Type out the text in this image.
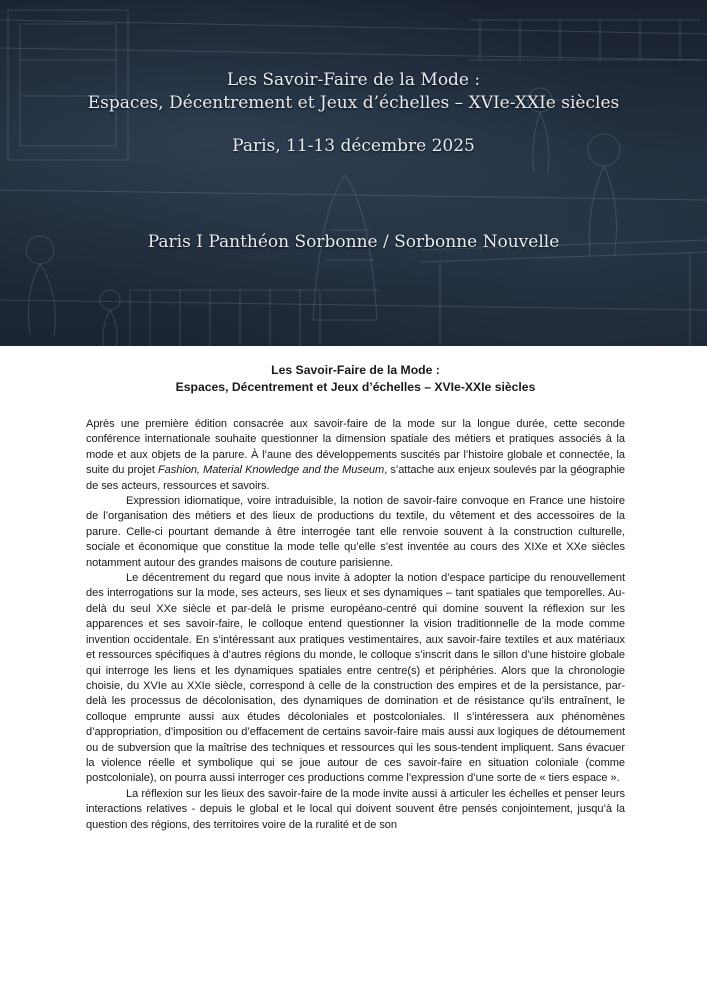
Les Savoir-Faire de la Mode :
Espaces, Décentrement et Jeux d’échelles – XVIe-XXIe siècles
Paris, 11-13 décembre 2025
Paris I Panthéon Sorbonne / Sorbonne Nouvelle

Les Savoir-Faire de la Mode :
Espaces, Décentrement et Jeux d’échelles – XVIe-XXIe siècles

Après une première édition consacrée aux savoir-faire de la mode sur la longue durée, cette seconde conférence internationale souhaite questionner la dimension spatiale des métiers et pratiques associés à la mode et aux objets de la parure. À l’aune des développements suscités par l’histoire globale et connectée, la suite du projet Fashion, Material Knowledge and the Museum, s’attache aux enjeux soulevés par la géographie de ses acteurs, ressources et savoirs.

Expression idiomatique, voire intraduisible, la notion de savoir-faire convoque en France une histoire de l’organisation des métiers et des lieux de productions du textile, du vêtement et des accessoires de la parure. Celle-ci pourtant demande à être interrogée tant elle renvoie souvent à la construction culturelle, sociale et économique que constitue la mode telle qu’elle s’est inventée au cours des XIXe et XXe siècles notamment autour des grandes maisons de couture parisienne.

Le décentrement du regard que nous invite à adopter la notion d’espace participe du renouvellement des interrogations sur la mode, ses acteurs, ses lieux et ses dynamiques – tant spatiales que temporelles. Au-delà du seul XXe siècle et par-delà le prisme européano-centré qui domine souvent la réflexion sur les apparences et ses savoir-faire, le colloque entend questionner la vision traditionnelle de la mode comme invention occidentale. En s’intéressant aux pratiques vestimentaires, aux savoir-faire textiles et aux matériaux et ressources spécifiques à d’autres régions du monde, le colloque s’inscrit dans le sillon d’une histoire globale qui interroge les liens et les dynamiques spatiales entre centre(s) et périphéries. Alors que la chronologie choisie, du XVIe au XXIe siècle, correspond à celle de la construction des empires et de la persistance, par-delà les processus de décolonisation, des dynamiques de domination et de résistance qu’ils entraînent, le colloque emprunte aussi aux études décoloniales et postcoloniales. Il s’intéressera aux phénomènes d’appropriation, d’imposition ou d’effacement de certains savoir-faire mais aussi aux logiques de détournement ou de subversion que la maîtrise des techniques et ressources qui les sous-tendent impliquent. Sans évacuer la violence réelle et symbolique qui se joue autour de ces savoir-faire en situation coloniale (comme postcoloniale), on pourra aussi interroger ces productions comme l’expression d’une sorte de « tiers espace ».

La réflexion sur les lieux des savoir-faire de la mode invite aussi à articuler les échelles et penser leurs interactions relatives - depuis le global et le local qui doivent souvent être pensés conjointement, jusqu’à la question des régions, des territoires voire de la ruralité et de son
